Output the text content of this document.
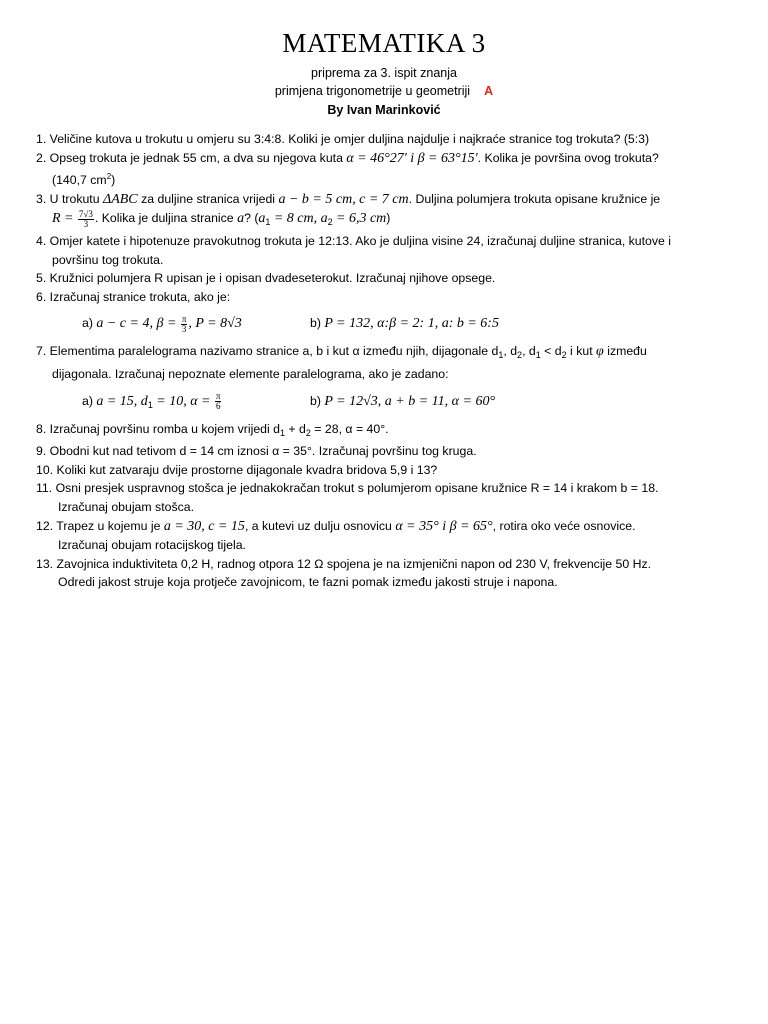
MATEMATIKA 3
priprema za 3. ispit znanja
primjena trigonometrije u geometriji A
By Ivan Marinković
1. Veličine kutova u trokutu u omjeru su 3:4:8. Koliki je omjer duljina najdulje i najkraće stranice tog trokuta? (5:3)
2. Opseg trokuta je jednak 55 cm, a dva su njegova kuta α = 46°27′ i β = 63°15′. Kolika je površina ovog trokuta?
(140,7 $cm^2$)
3. U trokutu ΔABC za duljine stranica vrijedi a − b = 5 cm, c = 7 cm. Duljina polumjera trokuta opisane kružnice je
$R = \frac{7√3}{3}$ . Kolika je duljina stranice a? ($a_1 = 8$ cm, $a_2 = 6,3$ cm)
4. Omjer katete i hipotenuze pravokutnog trokuta je 12:13. Ako je duljina visine 24, izračunaj duljine stranica, kutove i
površinu tog trokuta.
5. Kružnici polumjera R upisan je i opisan dvadeseterokut. Izračunaj njihove opsege.
6. Izračunaj stranice trokuta, ako je:
a) a − c = 4, $\beta = \frac{\pi}{3}$ , P = 8√3	b) P = 132, α:β = 2: 1, a: b = 6:5
7. Elementima paralelograma nazivamo stranice a, b i kut α između njih, dijagonale $d_1$, $d_2$, $d_1 < d_2$ i kut φ između
dijagonala. Izračunaj nepoznate elemente paralelograma, ako je zadano:
a) a = 15, $d_1 = 10$, $\alpha = \frac{\pi}{6}$	b) P = 12√3, a + b = 11, α = 60°
8. Izračunaj površinu romba u kojem vrijedi $d_1 + d_2 = 28$, α = 40°.
9. Obodni kut nad tetivom d = 14 cm iznosi α = 35°. Izračunaj površinu tog kruga.
10. Koliki kut zatvaraju dvije prostorne dijagonale kvadra bridova 5,9 i 13?
11. Osni presjek uspravnog stošca je jednakokračan trokut s polumjerom opisane kružnice R = 14 i krakom b = 18.
Izračunaj obujam stošca.
12. Trapez u kojemu je a = 30, c = 15, a kutevi uz dulju osnovicu α = 35° i β = 65°, rotira oko veće osnovice.
Izračunaj obujam rotacijskog tijela.
13. Zavojnica induktiviteta 0,2 H, radnog otpora 12 Ω spojena je na izmjenični napon od 230 V, frekvencije 50 Hz.
Odredi jakost struje koja protječe zavojnicom, te fazni pomak između jakosti struje i napona.
